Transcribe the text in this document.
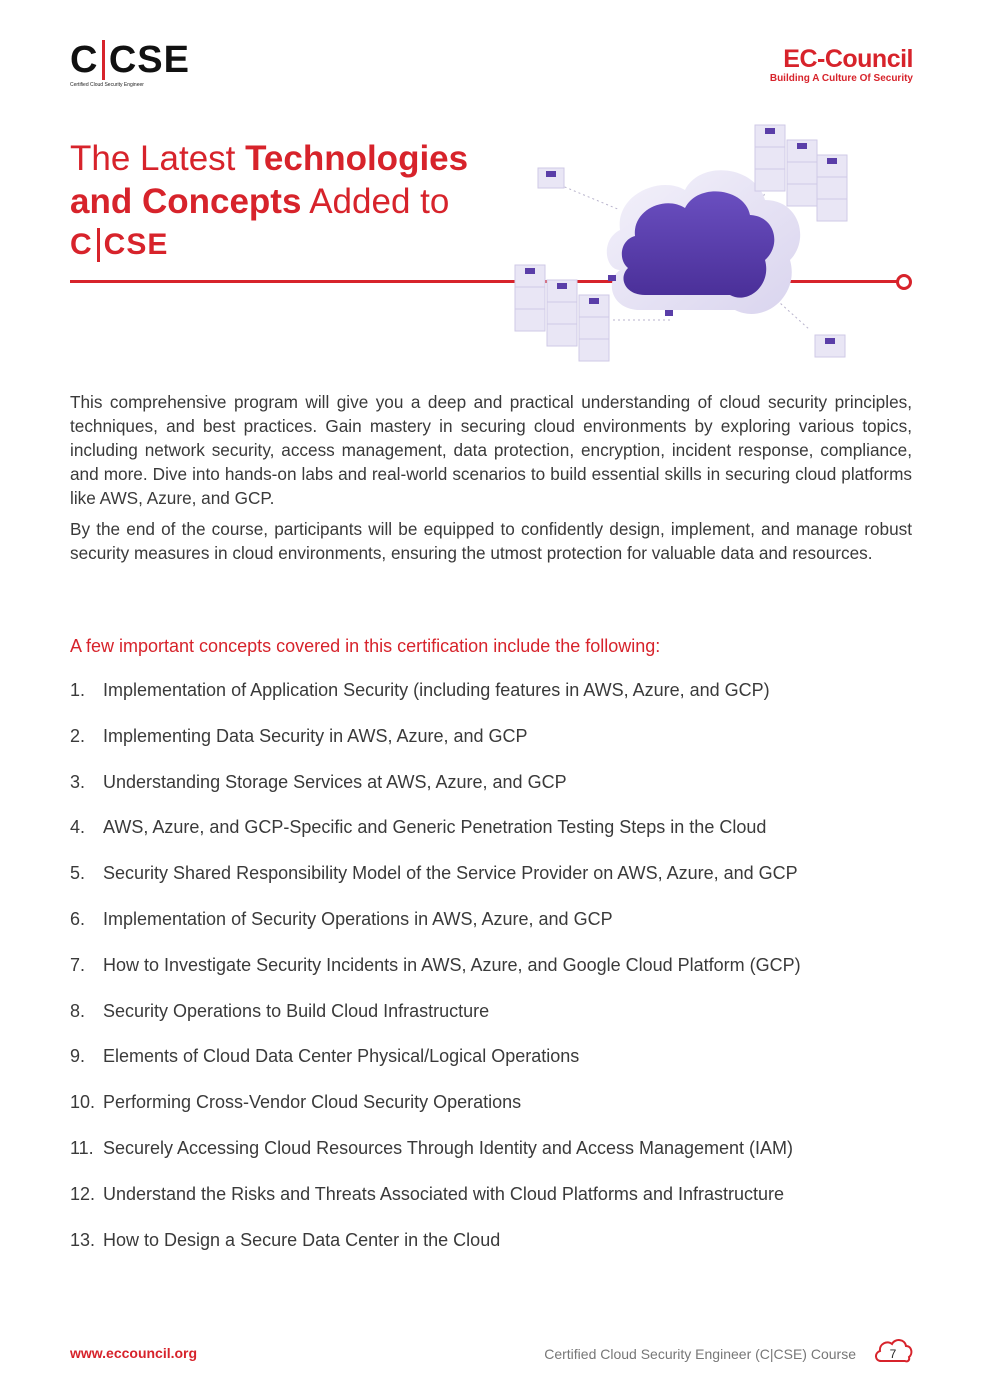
C CSE
Certified Cloud Security Engineer
EC-Council
Building A Culture Of Security
The Latest Technologies
and Concepts Added to
C CSE

This comprehensive program will give you a deep and practical understanding of cloud security principles, techniques, and best practices. Gain mastery in securing cloud environments by exploring various topics, including network security, access management, data protection, encryption, incident response, compliance, and more. Dive into hands-on labs and real-world scenarios to build essential skills in securing cloud platforms like AWS, Azure, and GCP.

By the end of the course, participants will be equipped to confidently design, implement, and manage robust security measures in cloud environments, ensuring the utmost protection for valuable data and resources.

A few important concepts covered in this certification include the following:
1. Implementation of Application Security (including features in AWS, Azure, and GCP)
2. Implementing Data Security in AWS, Azure, and GCP
3. Understanding Storage Services at AWS, Azure, and GCP
4. AWS, Azure, and GCP-Specific and Generic Penetration Testing Steps in the Cloud
5. Security Shared Responsibility Model of the Service Provider on AWS, Azure, and GCP
6. Implementation of Security Operations in AWS, Azure, and GCP
7. How to Investigate Security Incidents in AWS, Azure, and Google Cloud Platform (GCP)
8. Security Operations to Build Cloud Infrastructure
9. Elements of Cloud Data Center Physical/Logical Operations
10. Performing Cross-Vendor Cloud Security Operations
11. Securely Accessing Cloud Resources Through Identity and Access Management (IAM)
12. Understand the Risks and Threats Associated with Cloud Platforms and Infrastructure
13. How to Design a Secure Data Center in the Cloud
www.eccouncil.org	Certified Cloud Security Engineer (C|CSE) Course	7
